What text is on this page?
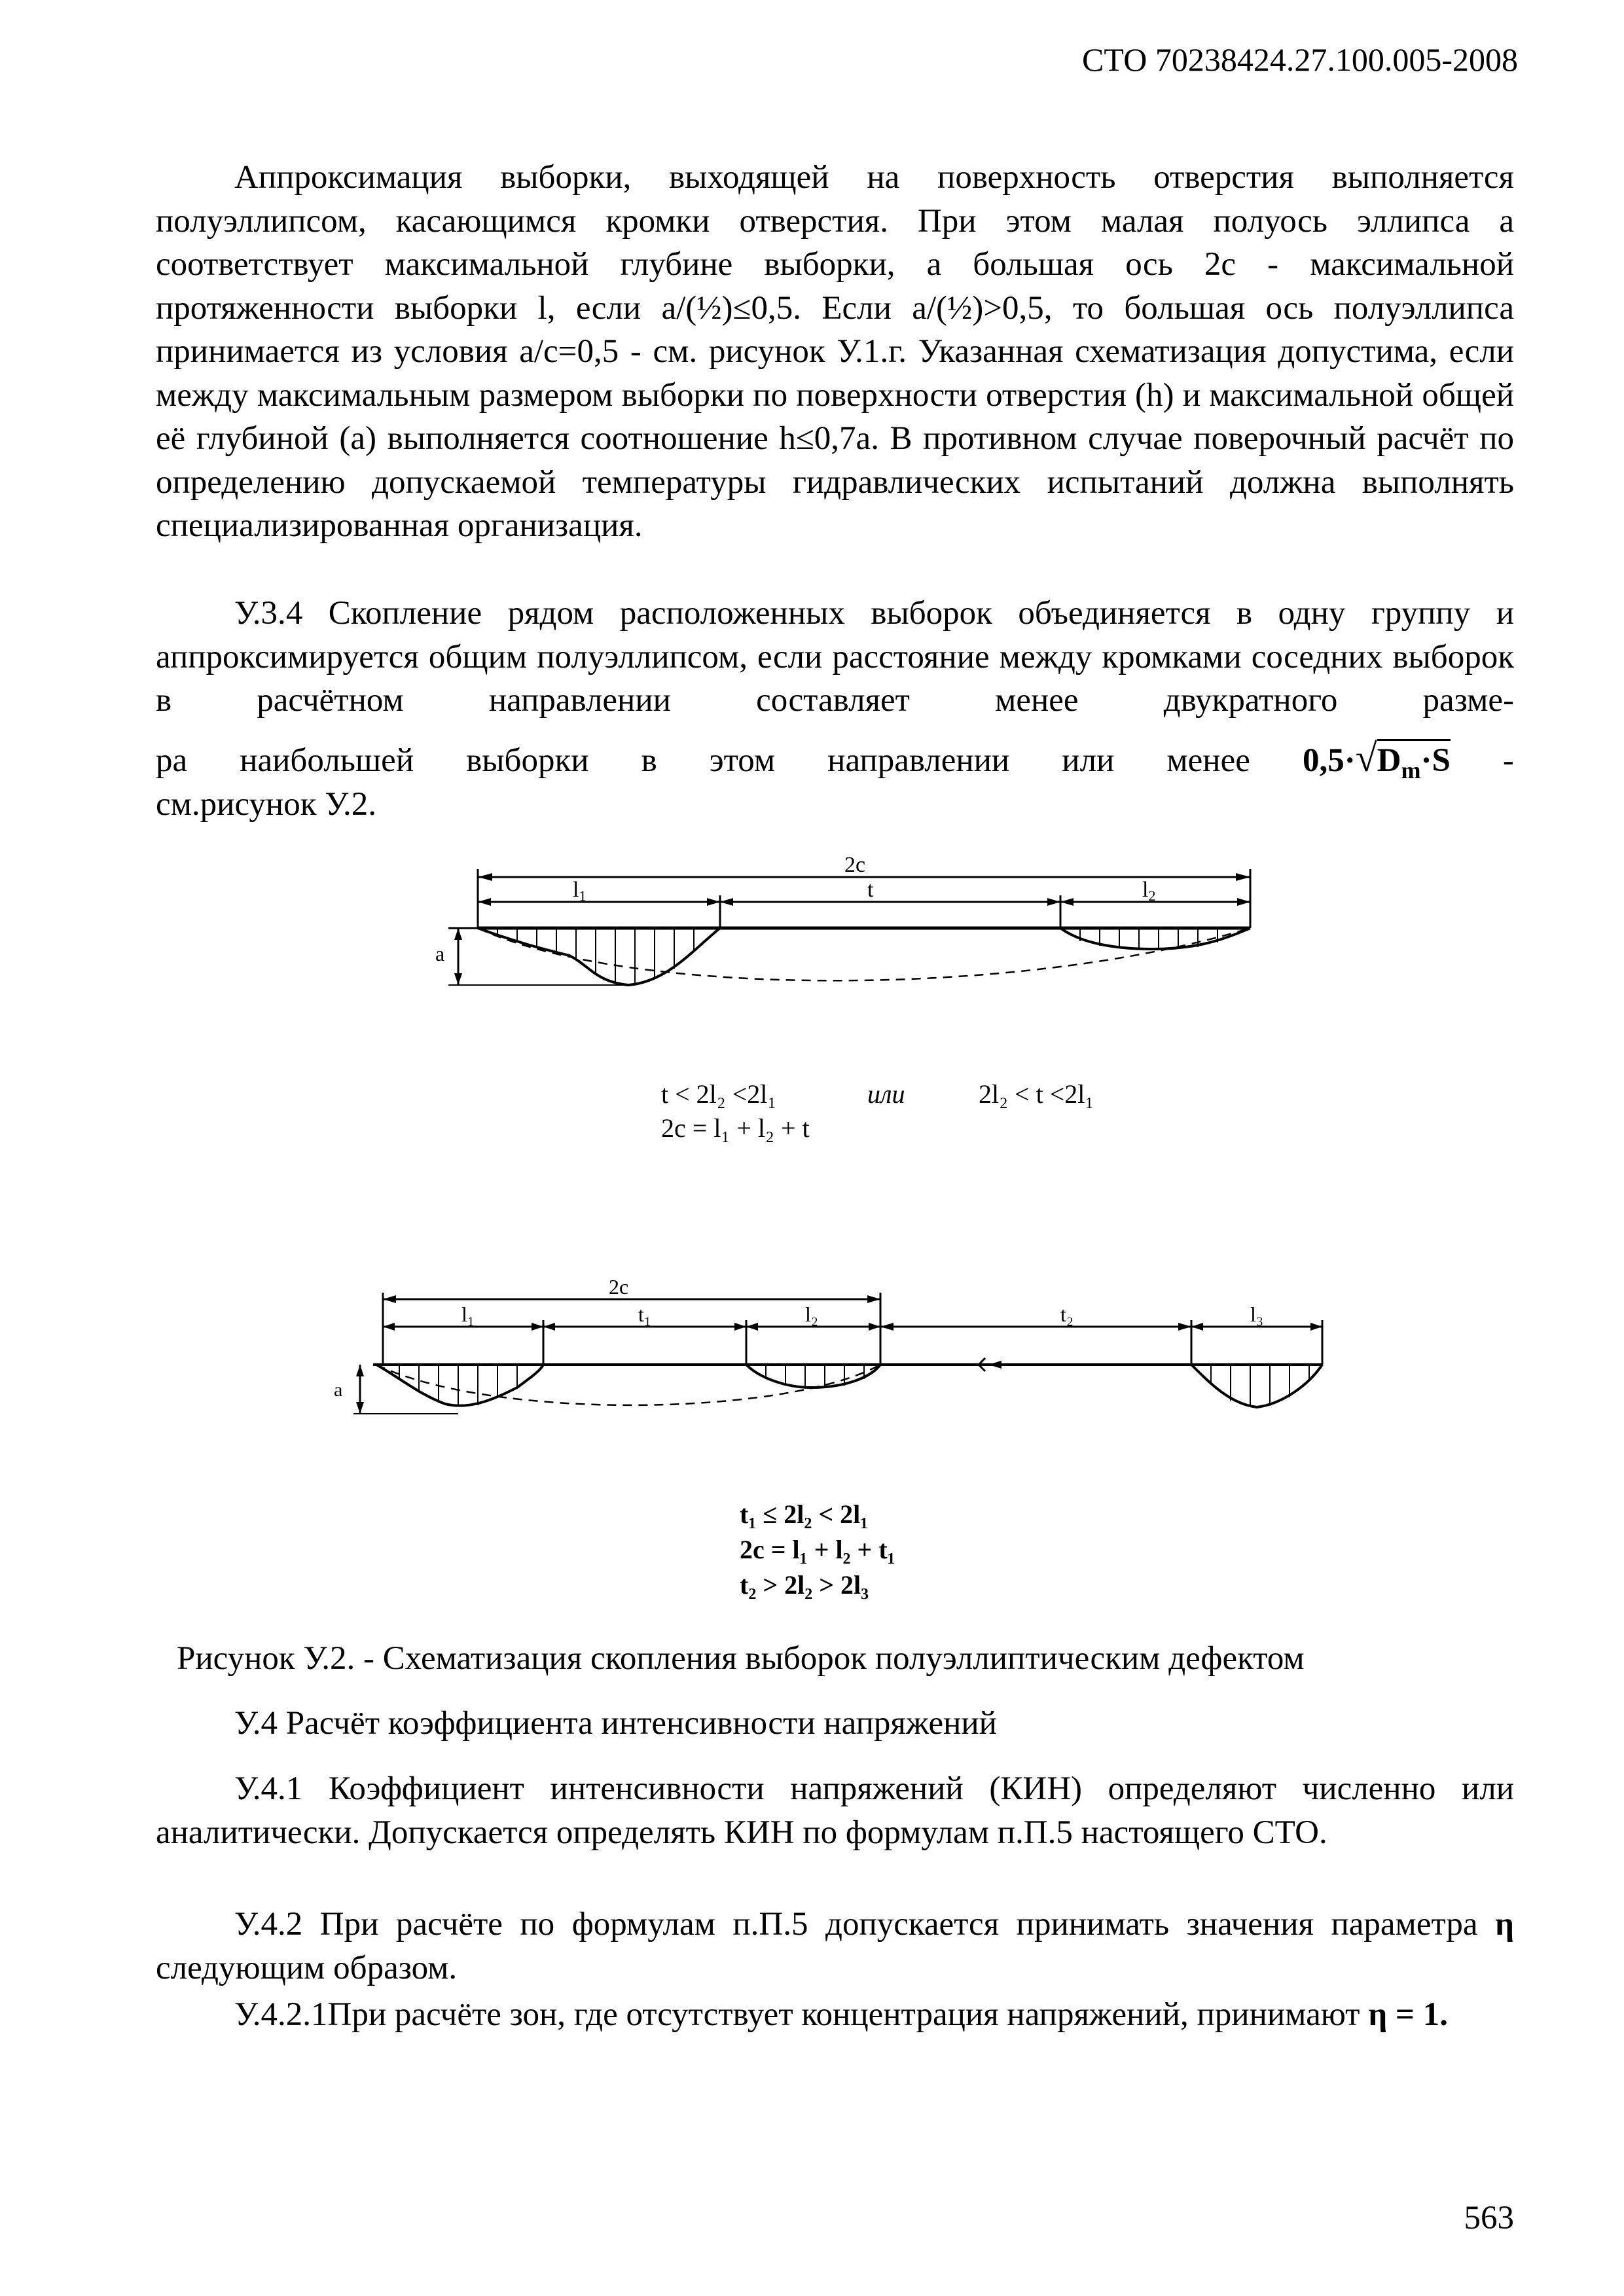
СТО 70238424.27.100.005-2008
Аппроксимация выборки, выходящей на поверхность отверстия выполняется полуэллипсом, касающимся кромки отверстия. При этом малая полуось эллипса а соответствует максимальной глубине выборки, а большая ось 2с - максимальной протяженности выборки l, если а/(½)≤0,5. Если а/(½)>0,5, то большая ось полуэллипса принимается из условия а/с=0,5 - см. рисунок У.1.г. Указанная схематизация допустима, если между максимальным размером выборки по поверхности отверстия (h) и максимальной общей её глубиной (а) выполняется соотношение h≤0,7а. В противном случае поверочный расчёт по определению допускаемой температуры гидравлических испытаний должна выполнять специализированная организация.
У.3.4 Скопление рядом расположенных выборок объединяется в одну группу и аппроксимируется общим полуэллипсом, если расстояние между кромками соседних выборок в расчётном направлении составляет менее двукратного разме-
ра наибольшей выборки в этом направлении или менее $0,5\cdot√D_m\cdot S$ -
см.рисунок У.2.
2c
l1	t	l2
a
t < 2l₂ <2l₁	или	2l₂ < t <2l₁
2c = l₁ + l₂ + t
2c
l₁	t₁	l₂	t₂	l₃
a
t₁ ≤ 2l₂ < 2l₁
2c = l₁ + l₂ + t₁
t₂ > 2l₂ > 2l₃
Рисунок У.2. - Схематизация скопления выборок полуэллиптическим дефектом
У.4 Расчёт коэффициента интенсивности напряжений
У.4.1 Коэффициент интенсивности напряжений (КИН) определяют численно или аналитически. Допускается определять КИН по формулам п.П.5 настоящего СТО.
У.4.2 При расчёте по формулам п.П.5 допускается принимать значения параметра η следующим образом.
У.4.2.1При расчёте зон, где отсутствует концентрация напряжений, принимают η = 1.
563
